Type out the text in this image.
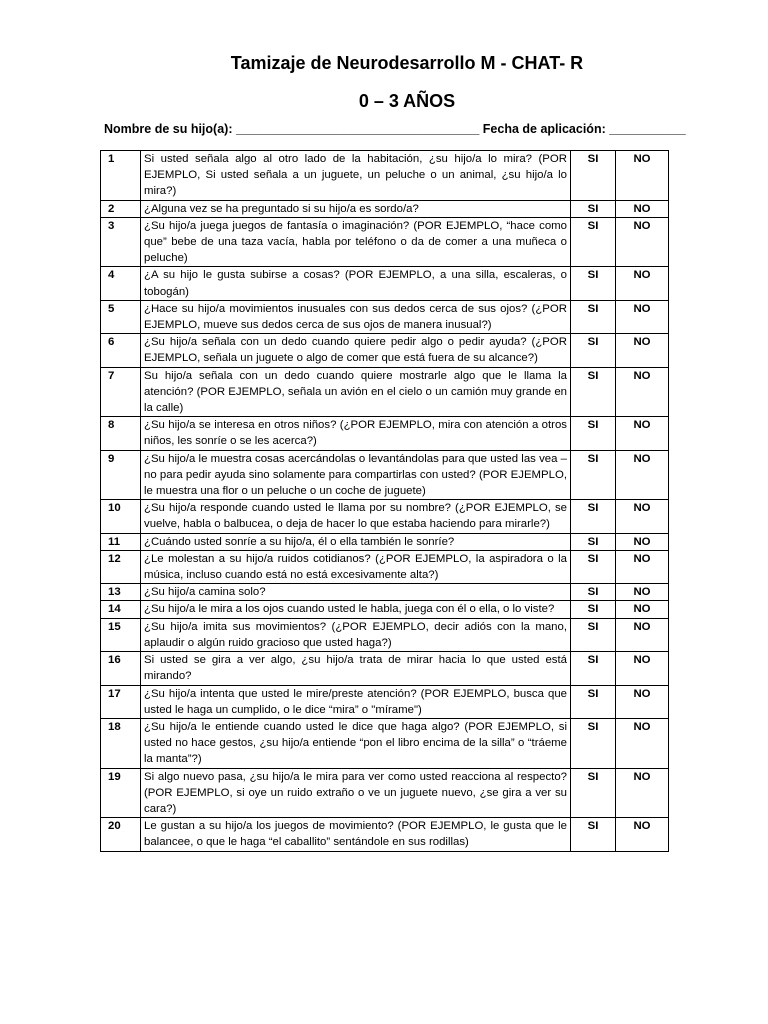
Tamizaje de Neurodesarrollo M - CHAT- R
0 – 3 AÑOS
Nombre de su hijo(a): ___________________________________ Fecha de aplicación: ___________
1	Si usted señala algo al otro lado de la habitación, ¿su hijo/a lo mira? (POR EJEMPLO, Si usted señala a un juguete, un peluche o un animal, ¿su hijo/a lo mira?)	SI	NO
2	¿Alguna vez se ha preguntado si su hijo/a es sordo/a?	SI	NO
3	¿Su hijo/a juega juegos de fantasía o imaginación? (POR EJEMPLO, “hace como que” bebe de una taza vacía, habla por teléfono o da de comer a una muñeca o peluche)	SI	NO
4	¿A su hijo le gusta subirse a cosas? (POR EJEMPLO, a una silla, escaleras, o tobogán)	SI	NO
5	¿Hace su hijo/a movimientos inusuales con sus dedos cerca de sus ojos? (¿POR EJEMPLO, mueve sus dedos cerca de sus ojos de manera inusual?)	SI	NO
6	¿Su hijo/a señala con un dedo cuando quiere pedir algo o pedir ayuda? (¿POR EJEMPLO, señala un juguete o algo de comer que está fuera de su alcance?)	SI	NO
7	Su hijo/a señala con un dedo cuando quiere mostrarle algo que le llama la atención? (POR EJEMPLO, señala un avión en el cielo o un camión muy grande en la calle)	SI	NO
8	¿Su hijo/a se interesa en otros niños? (¿POR EJEMPLO, mira con atención a otros niños, les sonríe o se les acerca?)	SI	NO
9	¿Su hijo/a le muestra cosas acercándolas o levantándolas para que usted las vea – no para pedir ayuda sino solamente para compartirlas con usted? (POR EJEMPLO, le muestra una flor o un peluche o un coche de juguete)	SI	NO
10	¿Su hijo/a responde cuando usted le llama por su nombre? (¿POR EJEMPLO, se vuelve, habla o balbucea, o deja de hacer lo que estaba haciendo para mirarle?)	SI	NO
11	¿Cuándo usted sonríe a su hijo/a, él o ella también le sonríe?	SI	NO
12	¿Le molestan a su hijo/a ruidos cotidianos? (¿POR EJEMPLO, la aspiradora o la música, incluso cuando está no está excesivamente alta?)	SI	NO
13	¿Su hijo/a camina solo?	SI	NO
14	¿Su hijo/a le mira a los ojos cuando usted le habla, juega con él o ella, o lo viste?	SI	NO
15	¿Su hijo/a imita sus movimientos? (¿POR EJEMPLO, decir adiós con la mano, aplaudir o algún ruido gracioso que usted haga?)	SI	NO
16	Si usted se gira a ver algo, ¿su hijo/a trata de mirar hacia lo que usted está mirando?	SI	NO
17	¿Su hijo/a intenta que usted le mire/preste atención? (POR EJEMPLO, busca que usted le haga un cumplido, o le dice “mira” o "mírame")	SI	NO
18	¿Su hijo/a le entiende cuando usted le dice que haga algo? (POR EJEMPLO, si usted no hace gestos, ¿su hijo/a entiende “pon el libro encima de la silla” o “tráeme la manta”?)	SI	NO
19	Si algo nuevo pasa, ¿su hijo/a le mira para ver como usted reacciona al respecto? (POR EJEMPLO, si oye un ruido extraño o ve un juguete nuevo, ¿se gira a ver su cara?)	SI	NO
20	Le gustan a su hijo/a los juegos de movimiento? (POR EJEMPLO, le gusta que le balancee, o que le haga “el caballito” sentándole en sus rodillas)	SI	NO
